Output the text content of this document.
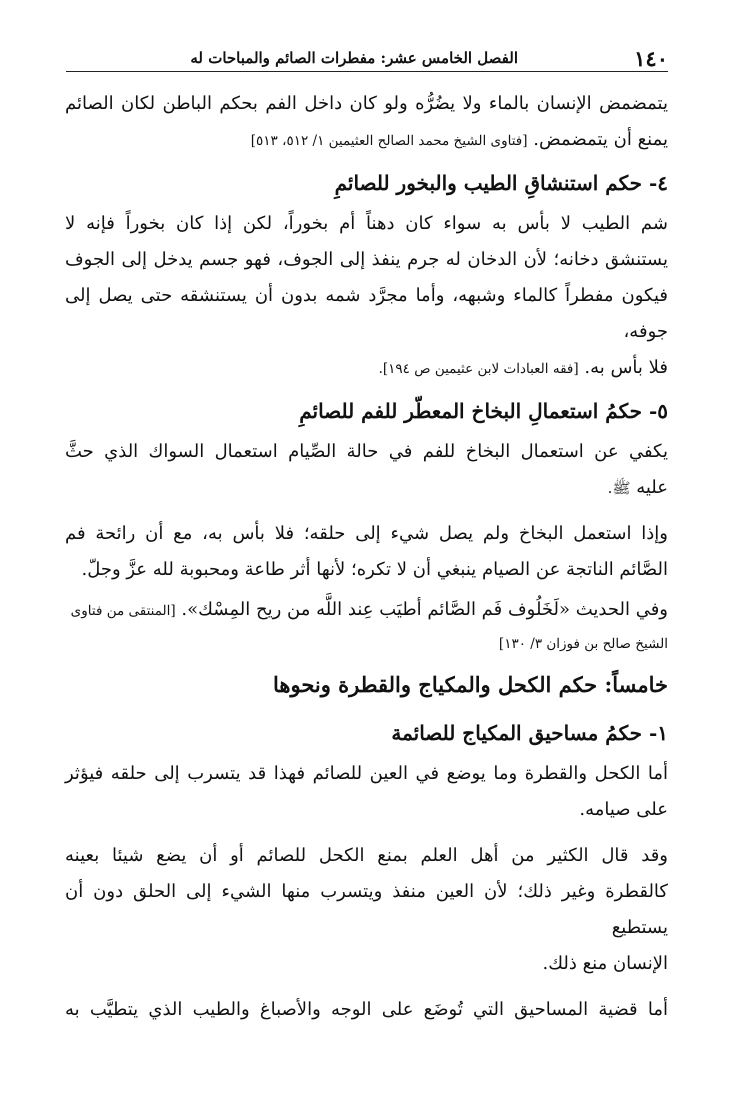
١٤٠
الفصل الخامس عشر: مفطرات الصائم والمباحات له

يتمضمض الإنسان بالماء ولا يضُرُّه ولو كان داخل الفم بحكم الباطن لكان الصائم

يمنع أن يتمضمض. [فتاوى الشيخ محمد الصالح العثيمين ١/ ٥١٢، ٥١٣]

٤- حكم استنشاقِ الطيب والبخور للصائمِ

شم الطيب لا بأس به سواء كان دهناً أم بخوراً، لكن إذا كان بخوراً فإنه لا

يستنشق دخانه؛ لأن الدخان له جرم ينفذ إلى الجوف، فهو جسم يدخل إلى الجوف

فيكون مفطراً كالماء وشبهه، وأما مجرَّد شمه بدون أن يستنشقه حتى يصل إلى جوفه،

فلا بأس به. [فقه العبادات لابن عثيمين ص ١٩٤].

٥- حكمُ استعمالِ البخاخ المعطّر للفم للصائمِ

يكفي عن استعمال البخاخ للفم في حالة الصِّيام استعمال السواك الذي حثَّ

عليه ﷺ.

وإذا استعمل البخاخ ولم يصل شيء إلى حلقه؛ فلا بأس به، مع أن رائحة فم

الصَّائم الناتجة عن الصيام ينبغي أن لا تكره؛ لأنها أثر طاعة ومحبوبة لله عزَّ وجلّ.

وفي الحديث «لَخَلُوف فَم الصَّائم أطيَب عِند اللَّه من ريح المِسْك». [المنتقى من فتاوى

الشيخ صالح بن فوزان ٣/ ١٣٠]

خامساً: حكم الكحل والمكياج والقطرة ونحوها

١- حكمُ مساحيق المكياج للصائمة

أما الكحل والقطرة وما يوضع في العين للصائم فهذا قد يتسرب إلى حلقه فيؤثر

على صيامه.

وقد قال الكثير من أهل العلم بمنع الكحل للصائم أو أن يضع شيئا بعينه

كالقطرة وغير ذلك؛ لأن العين منفذ ويتسرب منها الشيء إلى الحلق دون أن يستطيع

الإنسان منع ذلك.

أما قضية المساحيق التي تُوضَع على الوجه والأصباغ والطيب الذي يتطيَّب به
